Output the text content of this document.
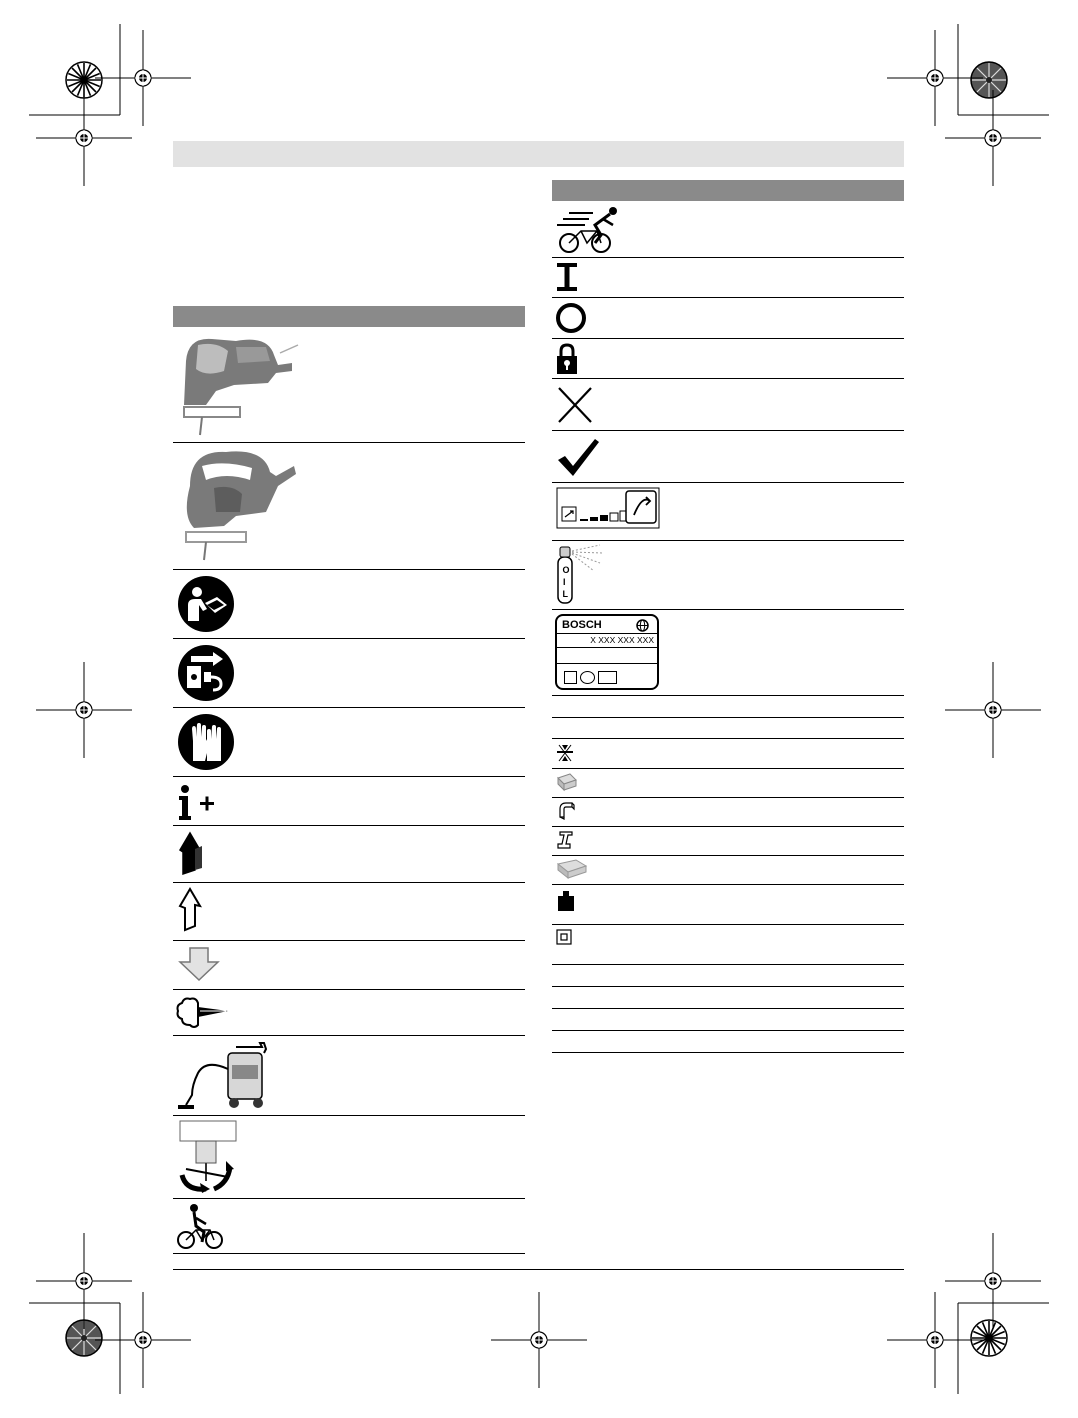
O
I
L
BOSCH
X XXX XXX XXX
